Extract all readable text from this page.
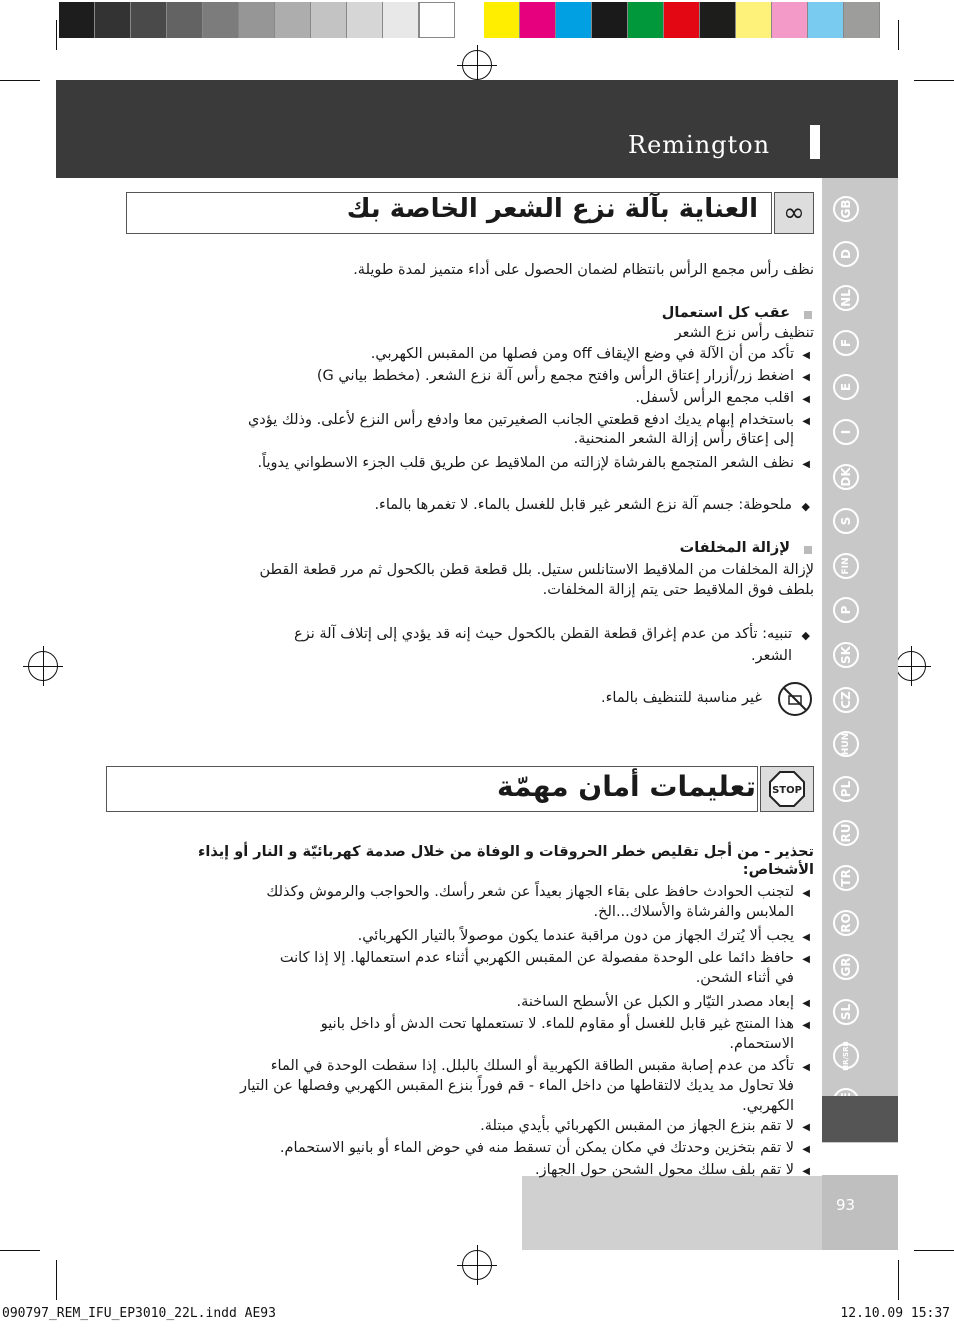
Remington
GB
D
NL
F
E
I
DK
S
FIN
P
SK
CZ
HUN
PL
RU
TR
RO
GR
SL
HR/SRB
93
∞
العناية بآلة نزع الشعر الخاصة بك
نظف رأس مجمع الرأس بانتظام لضمان الحصول على أداء متميز لمدة طويلة.
عقب كل استعمال
تنظيف رأس نزع الشعر
تأكد من أن الآلة في وضع الإيقاف off ومن فصلها من المقبس الكهربي. ◀
اضغط زر/أزرار إعتاق الرأس وافتح مجمع رأس آلة نزع الشعر. (مخطط بياني G) ◀
اقلب مجمع الرأس لأسفل. ◀
باستخدام إبهام يديك ادفع قطعتي الجانب الصغيرتين معا وادفع رأس النزع لأعلى. وذلك يؤدي ◀
إلى إعتاق رأس إزالة الشعر المنحنية.
نظف الشعر المتجمع بالفرشاة لإزالته من الملاقيط عن طريق قلب الجزء الاسطواني يدوياً. ◀
ملحوظة: جسم آلة نزع الشعر غير قابل للغسل بالماء. لا تغمرها بالماء. ◆
لإزالة المخلفات
لإزالة المخلفات من الملاقيط الاستانلس ستيل. بلل قطعة قطن بالكحول ثم مرر قطعة القطن
بلطف فوق الملاقيط حتى يتم إزالة المخلفات.
تنبيه: تأكد من عدم إغراق قطعة القطن بالكحول حيث إنه قد يؤدي إلى إتلاف آلة نزع ◆
الشعر.
غير مناسبة للتنظيف بالماء.
STOP
تعليمات أمان مهمّة
تحذير - من أجل تقليص خطر الحروقات و الوفاة من خلال صدمة كهربائيّة و النار أو إيذاء
الأشخاص:
لتجنب الحوادث حافظ على بقاء الجهاز بعيداً عن شعر رأسك. والحواجب والرموش وكذلك ◀
الملابس والفرشاة والأسلاك...الخ.
يجب ألا يُترك الجهاز من دون مراقبة عندما يكون موصولاً بالتيار الكهربائي. ◀
حافظ دائما على الوحدة مفصولة عن المقبس الكهربي أثناء عدم استعمالها. إلا إذا كانت ◀
في أثناء الشحن.
إبعاد مصدر التيّار و الكبل عن الأسطح الساخنة. ◀
هذا المنتج غير قابل للغسل أو مقاوم للماء. لا تستعملها تحت الدش أو داخل بانيو ◀
الاستحمام.
تأكد من عدم إصابة مقبس الطاقة الكهربية أو السلك بالبلل. إذا سقطت الوحدة في الماء ◀
فلا تحاول مد يديك لالتقاطها من داخل الماء - قم فوراً بنزع المقبس الكهربي وفصلها عن التيار
الكهربي.
لا تقم بنزع الجهاز من المقبس الكهربائي بأيدي مبتلة. ◀
لا تقم بتخزين وحدتك في مكان يمكن أن تسقط منه في حوض الماء أو بانيو الاستحمام. ◀
لا تقم بلف سلك محول الشحن حول الجهاز. ◀
090797_REM_IFU_EP3010_22L.indd AE93	12.10.09 15:37
